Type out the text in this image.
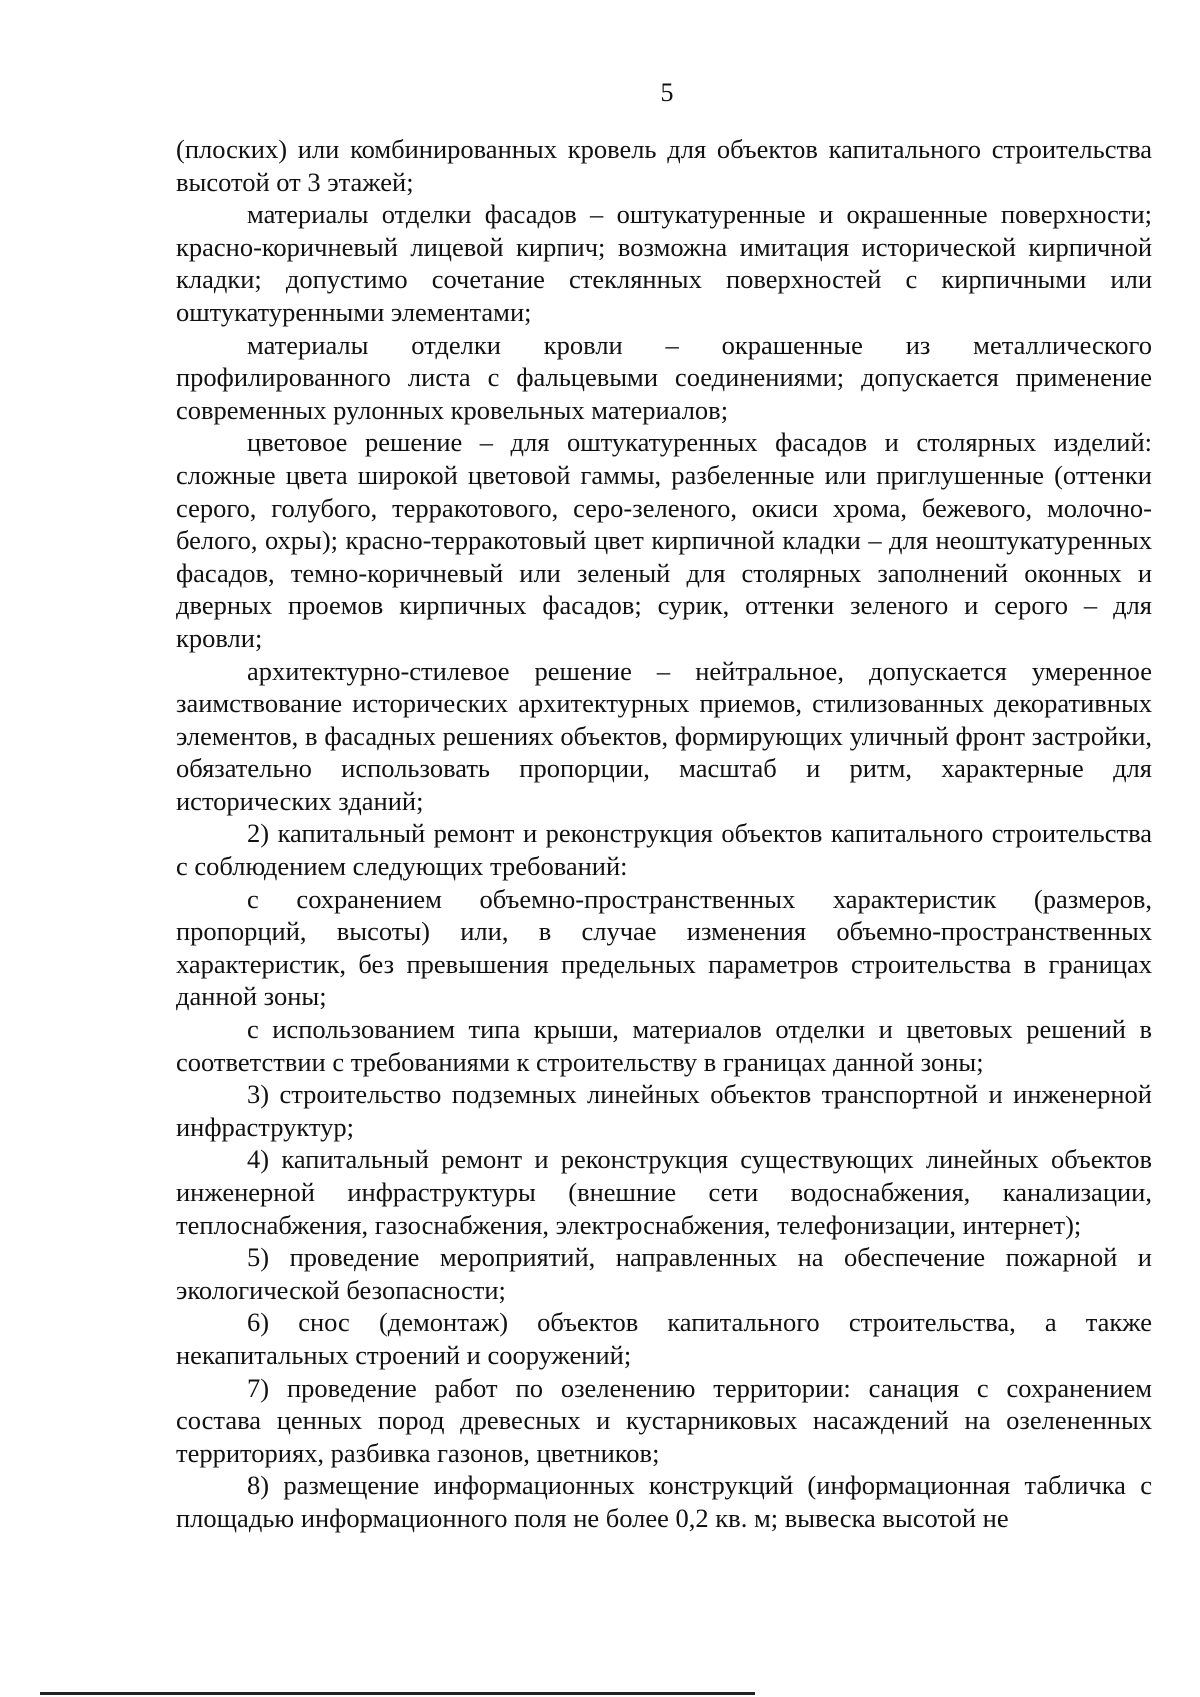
5

(плоских) или комбинированных кровель для объектов капитального строительства высотой от 3 этажей;

материалы отделки фасадов – оштукатуренные и окрашенные поверхности; красно-коричневый лицевой кирпич; возможна имитация исторической кирпичной кладки; допустимо сочетание стеклянных поверхностей с кирпичными или оштукатуренными элементами;

материалы отделки кровли – окрашенные из металлического профилированного листа с фальцевыми соединениями; допускается применение современных рулонных кровельных материалов;

цветовое решение – для оштукатуренных фасадов и столярных изделий: сложные цвета широкой цветовой гаммы, разбеленные или приглушенные (оттенки серого, голубого, терракотового, серо-зеленого, окиси хрома, бежевого, молочно-белого, охры); красно-терракотовый цвет кирпичной кладки – для неоштукатуренных фасадов, темно-коричневый или зеленый для столярных заполнений оконных и дверных проемов кирпичных фасадов; сурик, оттенки зеленого и серого – для кровли;

архитектурно-стилевое решение – нейтральное, допускается умеренное заимствование исторических архитектурных приемов, стилизованных декоративных элементов, в фасадных решениях объектов, формирующих уличный фронт застройки, обязательно использовать пропорции, масштаб и ритм, характерные для исторических зданий;

2) капитальный ремонт и реконструкция объектов капитального строительства с соблюдением следующих требований:

с сохранением объемно-пространственных характеристик (размеров, пропорций, высоты) или, в случае изменения объемно-пространственных характеристик, без превышения предельных параметров строительства в границах данной зоны;

с использованием типа крыши, материалов отделки и цветовых решений в соответствии с требованиями к строительству в границах данной зоны;

3) строительство подземных линейных объектов транспортной и инженерной инфраструктур;

4) капитальный ремонт и реконструкция существующих линейных объектов инженерной инфраструктуры (внешние сети водоснабжения, канализации, теплоснабжения, газоснабжения, электроснабжения, телефонизации, интернет);

5) проведение мероприятий, направленных на обеспечение пожарной и экологической безопасности;

6) снос (демонтаж) объектов капитального строительства, а также некапитальных строений и сооружений;

7) проведение работ по озеленению территории: санация с сохранением состава ценных пород древесных и кустарниковых насаждений на озелененных территориях, разбивка газонов, цветников;

8) размещение информационных конструкций (информационная табличка с площадью информационного поля не более 0,2 кв. м; вывеска высотой не
